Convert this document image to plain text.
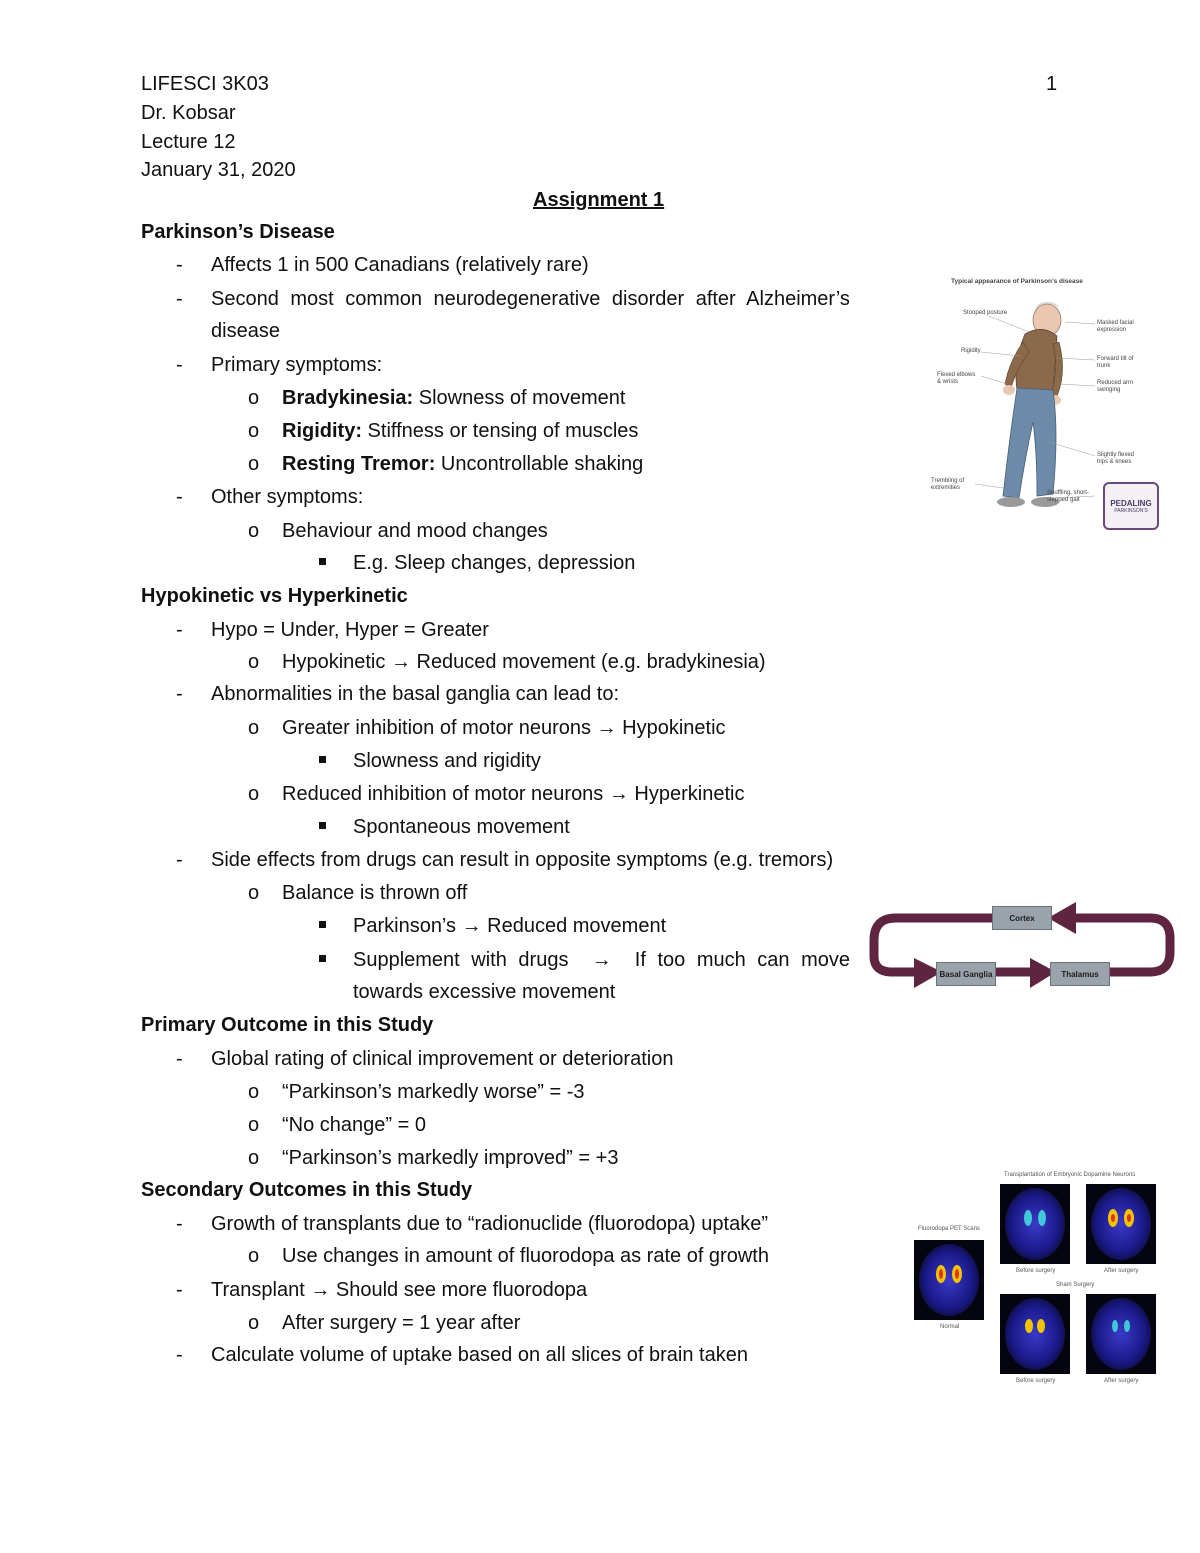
LIFESCI 3K03	1
Dr. Kobsar
Lecture 12
January 31, 2020
Assignment 1
Parkinson’s Disease
- Affects 1 in 500 Canadians (relatively rare)
- Second most common neurodegenerative disorder after Alzheimer’s
disease
- Primary symptoms:
o Bradykinesia: Slowness of movement
o Rigidity: Stiffness or tensing of muscles
o Resting Tremor: Uncontrollable shaking
- Other symptoms:
o Behaviour and mood changes
E.g. Sleep changes, depression
Hypokinetic vs Hyperkinetic
- Hypo = Under, Hyper = Greater
o Hypokinetic → Reduced movement (e.g. bradykinesia)
- Abnormalities in the basal ganglia can lead to:
o Greater inhibition of motor neurons → Hypokinetic
Slowness and rigidity
o Reduced inhibition of motor neurons → Hyperkinetic
Spontaneous movement
- Side effects from drugs can result in opposite symptoms (e.g. tremors)
o Balance is thrown off
Parkinson’s → Reduced movement
Supplement with drugs → If too much can move
towards excessive movement
Primary Outcome in this Study
- Global rating of clinical improvement or deterioration
o “Parkinson’s markedly worse” = -3
o “No change” = 0
o “Parkinson’s markedly improved” = +3
Secondary Outcomes in this Study
- Growth of transplants due to “radionuclide (fluorodopa) uptake”
o Use changes in amount of fluorodopa as rate of growth
- Transplant → Should see more fluorodopa
o After surgery = 1 year after
- Calculate volume of uptake based on all slices of brain taken
Typical appearance of Parkinson’s disease
Stooped posture
Masked facial expression
Rigidity
Forward tilt of trunk
Flexed elbows & wrists	Reduced arm swinging
Slightly flexed hips & knees
Trembling of extremities
Shuffling, short-stepped gait	PEDALING
PARKINSON’S
Cortex
Basal Ganglia	Thalamus
Transplantation of Embryonic Dopamine Neurons
Fluorodopa PET Scans
Normal
Before surgery	After surgery
Sham Surgery
Before surgery	After surgery
